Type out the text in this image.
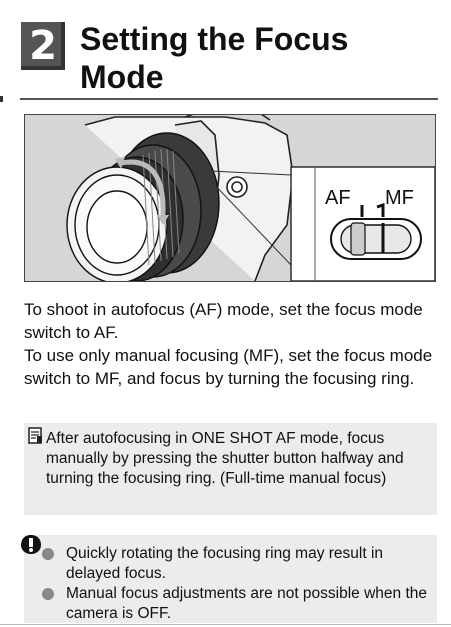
2 Setting the Focus Mode
AF MF

To shoot in autofocus (AF) mode, set the focus mode switch to AF.

To use only manual focusing (MF), set the focus mode switch to MF, and focus by turning the focusing ring.

After autofocusing in ONE SHOT AF mode, focus manually by pressing the shutter button halfway and turning the focusing ring. (Full-time manual focus)

Quickly rotating the focusing ring may result in delayed focus.
Manual focus adjustments are not possible when the camera is OFF.
